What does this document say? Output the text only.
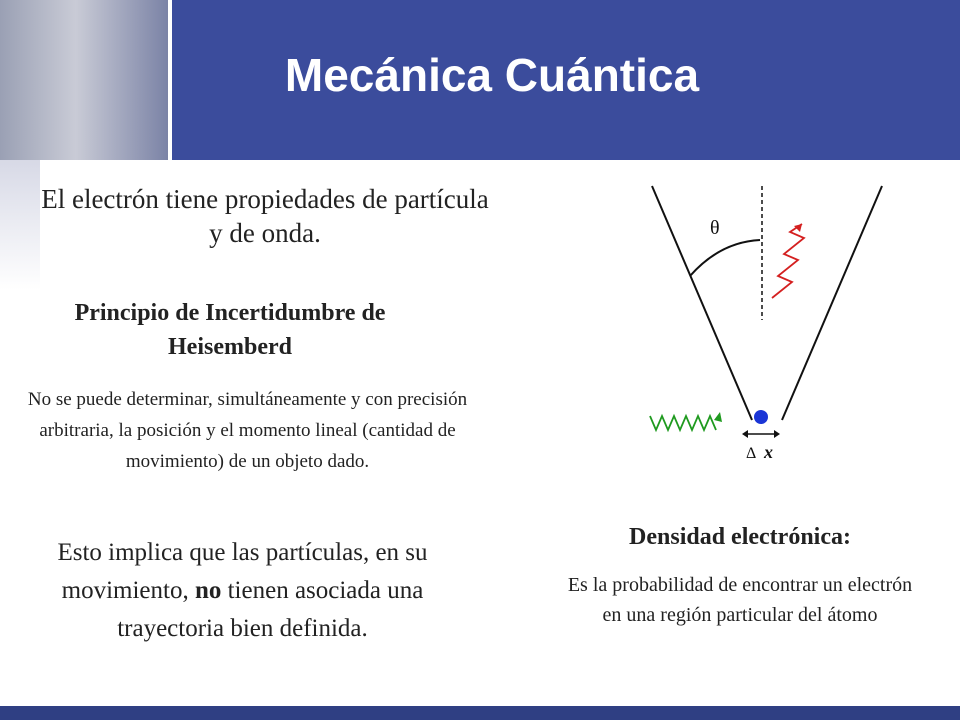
Mecánica Cuántica

El electrón tiene propiedades de partícula y de onda.

Principio de Incertidumbre de Heisemberd

No se puede determinar, simultáneamente y con precisión arbitraria, la posición y el momento lineal (cantidad de movimiento) de un objeto dado.

Esto implica que las partículas, en su movimiento, no tienen asociada una trayectoria bien definida.

Densidad electrónica:

Es la probabilidad de encontrar un electrón en una región particular del átomo

θ
Δ x
